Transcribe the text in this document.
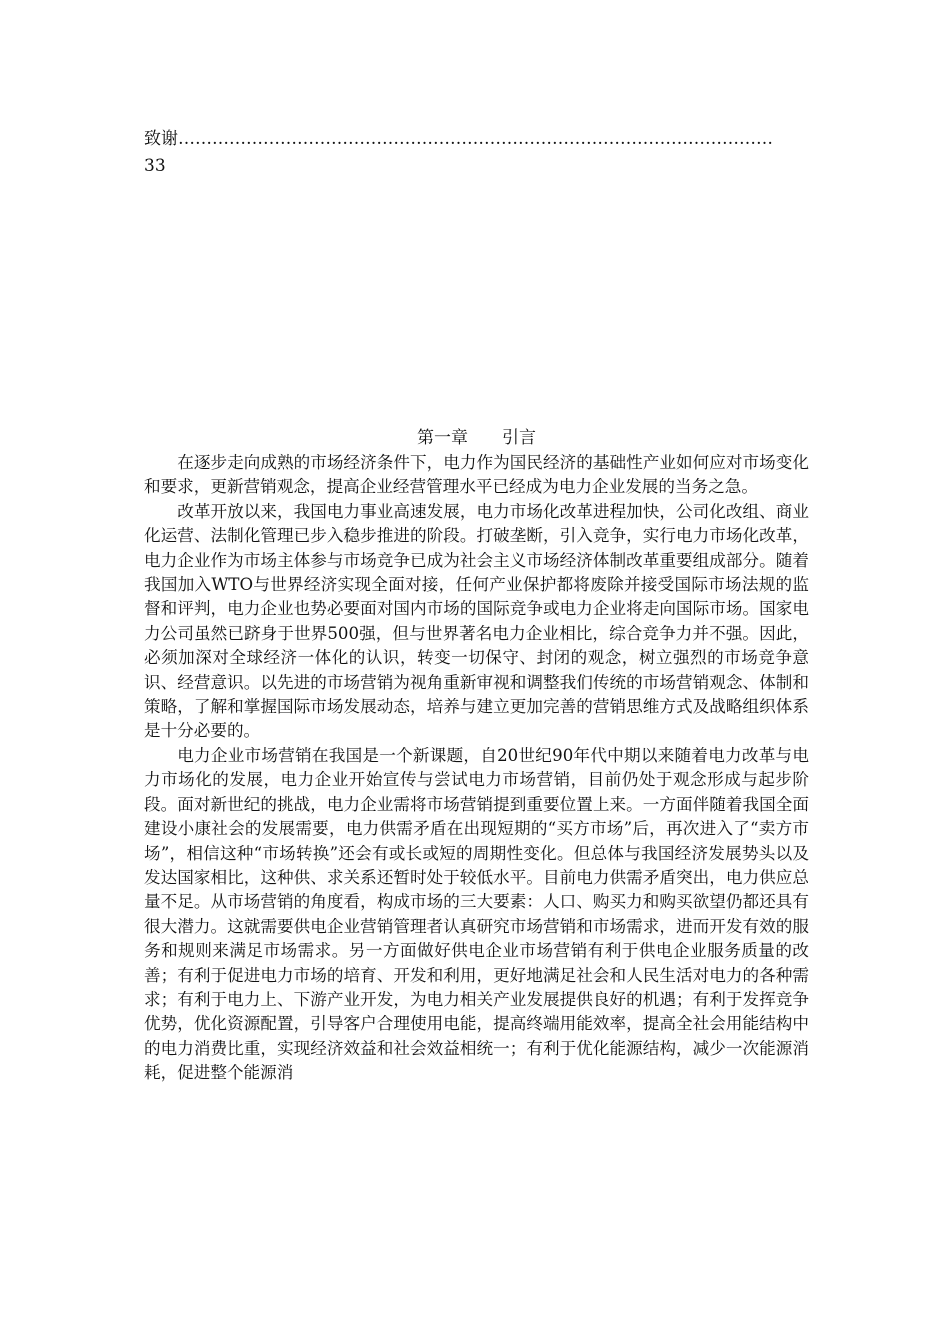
致谢……………………………………………………………………………………………
33
第一章 引言

在逐步走向成熟的市场经济条件下，电力作为国民经济的基础性产业如何应对市场变化和要求，更新营销观念，提高企业经营管理水平已经成为电力企业发展的当务之急。

改革开放以来，我国电力事业高速发展，电力市场化改革进程加快，公司化改组、商业化运营、法制化管理已步入稳步推进的阶段。打破垄断，引入竞争，实行电力市场化改革，电力企业作为市场主体参与市场竞争已成为社会主义市场经济体制改革重要组成部分。随着我国加入WTO与世界经济实现全面对接，任何产业保护都将废除并接受国际市场法规的监督和评判，电力企业也势必要面对国内市场的国际竞争或电力企业将走向国际市场。国家电力公司虽然已跻身于世界500强，但与世界著名电力企业相比，综合竞争力并不强。因此，必须加深对全球经济一体化的认识，转变一切保守、封闭的观念，树立强烈的市场竞争意识、经营意识。以先进的市场营销为视角重新审视和调整我们传统的市场营销观念、体制和策略，了解和掌握国际市场发展动态，培养与建立更加完善的营销思维方式及战略组织体系是十分必要的。

电力企业市场营销在我国是一个新课题，自20世纪90年代中期以来随着电力改革与电力市场化的发展，电力企业开始宣传与尝试电力市场营销，目前仍处于观念形成与起步阶段。面对新世纪的挑战，电力企业需将市场营销提到重要位置上来。一方面伴随着我国全面建设小康社会的发展需要，电力供需矛盾在出现短期的“买方市场”后，再次进入了“卖方市场”，相信这种“市场转换”还会有或长或短的周期性变化。但总体与我国经济发展势头以及发达国家相比，这种供、求关系还暂时处于较低水平。目前电力供需矛盾突出，电力供应总量不足。从市场营销的角度看，构成市场的三大要素：人口、购买力和购买欲望仍都还具有很大潜力。这就需要供电企业营销管理者认真研究市场营销和市场需求，进而开发有效的服务和规则来满足市场需求。另一方面做好供电企业市场营销有利于供电企业服务质量的改善；有利于促进电力市场的培育、开发和利用，更好地满足社会和人民生活对电力的各种需求；有利于电力上、下游产业开发，为电力相关产业发展提供良好的机遇；有利于发挥竞争优势，优化资源配置，引导客户合理使用电能，提高终端用能效率，提高全社会用能结构中的电力消费比重，实现经济效益和社会效益相统一；有利于优化能源结构，减少一次能源消耗，促进整个能源消
